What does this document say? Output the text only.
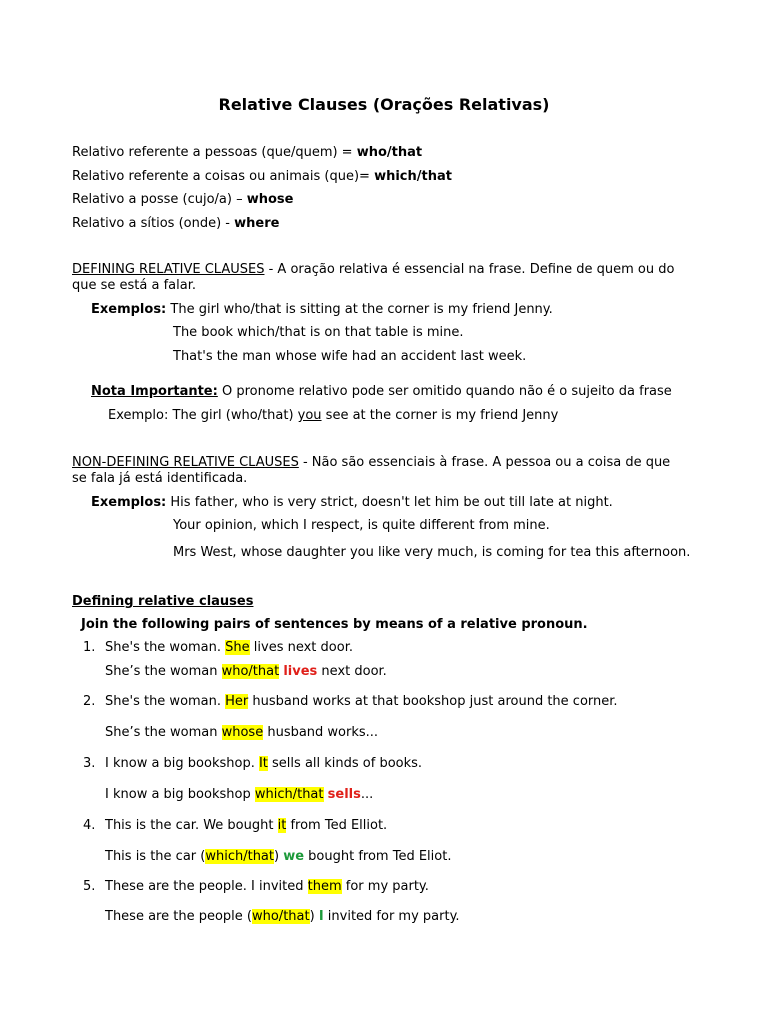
Relative Clauses (Orações Relativas)
Relativo referente a pessoas (que/quem) = who/that
Relativo referente a coisas ou animais (que)= which/that
Relativo a posse (cujo/a) – whose
Relativo a sítios (onde) - where
DEFINING RELATIVE CLAUSES - A oração relativa é essencial na frase. Define de quem ou do
que se está a falar.
Exemplos: The girl who/that is sitting at the corner is my friend Jenny.
The book which/that is on that table is mine.
That's the man whose wife had an accident last week.
Nota Importante: O pronome relativo pode ser omitido quando não é o sujeito da frase
Exemplo: The girl (who/that) you see at the corner is my friend Jenny
NON-DEFINING RELATIVE CLAUSES - Não são essenciais à frase. A pessoa ou a coisa de que
se fala já está identificada.
Exemplos: His father, who is very strict, doesn't let him be out till late at night.
Your opinion, which I respect, is quite different from mine.
Mrs West, whose daughter you like very much, is coming for tea this afternoon.
Defining relative clauses
Join the following pairs of sentences by means of a relative pronoun.
1. She's the woman. She lives next door.
She’s the woman who/that lives next door.
2. She's the woman. Her husband works at that bookshop just around the corner.
She’s the woman whose husband works...
3. I know a big bookshop. It sells all kinds of books.
I know a big bookshop which/that sells...
4. This is the car. We bought it from Ted Elliot.
This is the car (which/that) we bought from Ted Eliot.
5. These are the people. I invited them for my party.
These are the people (who/that) I invited for my party.
